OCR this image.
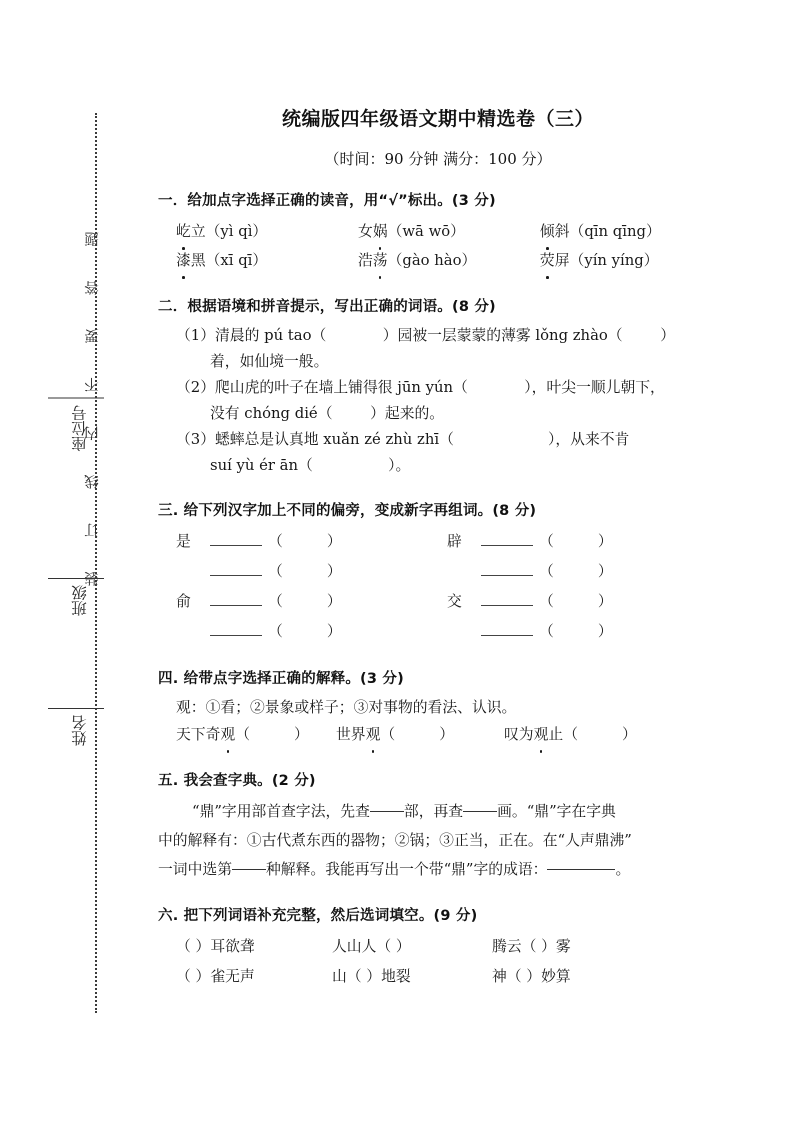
装订线内不要答题
座位号
班级
姓名
统编版四年级语文期中精选卷（三）
（时间：90 分钟 满分：100 分）
一．给加点字选择正确的读音，用“√”标出。(3 分)
屹立（yì qì）	女娲（wā wō）	倾斜（qīn qīng）
漆黑（xī qī）	浩荡（gào hào）	荧屏（yín yíng）
二．根据语境和拼音提示，写出正确的词语。(8 分)
（1）清晨的 pú tao（            ）园被一层蒙蒙的薄雾 lǒng zhào（        ）
着，如仙境一般。
（2）爬山虎的叶子在墙上铺得很 jūn yún（            ），叶尖一顺儿朝下，
没有 chóng dié（        ）起来的。
（3）蟋蟀总是认真地 xuǎn zé zhù zhī（                    ），从来不肯
suí yù ér ān（                ）。
三. 给下列汉字加上不同的偏旁，变成新字再组词。(8 分)
是	（	）	辟	（	）
（	）	（	）
俞	（	）	交	（	）
（	）	（	）
四. 给带点字选择正确的解释。(3 分)
观：①看；②景象或样子；③对事物的看法、认识。
天下奇观（	）	世界观（	）	叹为观止（	）
五. 我会查字典。(2 分)
“鼎”字用部首查字法，先查 部，再查 画。“鼎”字在字典
中的解释有：①古代煮东西的器物；②锅；③正当，正在。在“人声鼎沸”
一词中选第 种解释。我能再写出一个带“鼎”字的成语：	。
六. 把下列词语补充完整，然后选词填空。(9 分)
（ ）耳欲聋	人山人（ ）	腾云（ ）雾
（ ）雀无声	山（ ）地裂	神（ ）妙算
